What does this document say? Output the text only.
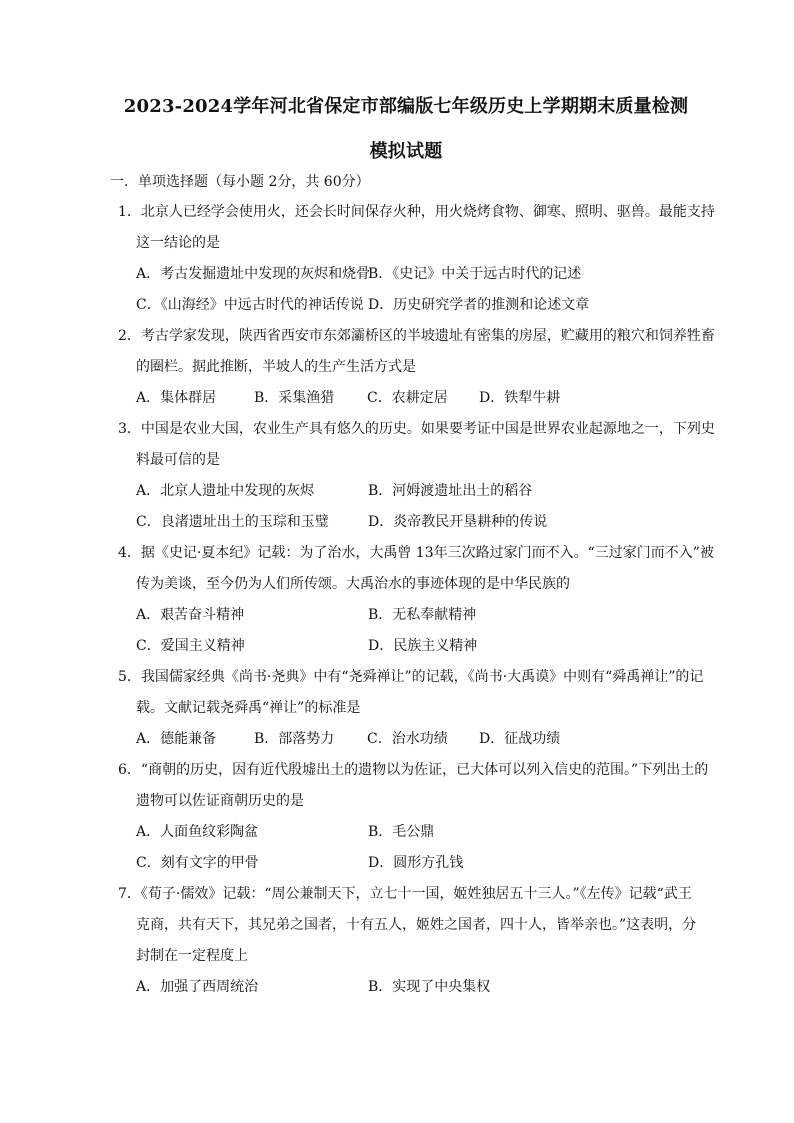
2023-2024学年河北省保定市部编版七年级历史上学期期末质量检测
模拟试题
一．单项选择题（每小题 2分，共 60分）
1．北京人已经学会使用火，还会长时间保存火种，用火烧烤食物、御寒、照明、驱兽。最能支持
这一结论的是
A．考古发掘遗址中发现的灰烬和烧骨
B．《史记》中关于远古时代的记述
C．《山海经》中远古时代的神话传说 D．历史研究学者的推测和论述文章
2．考古学家发现，陕西省西安市东郊灞桥区的半坡遗址有密集的房屋，贮藏用的粮穴和饲养牲畜
的圈栏。据此推断，半坡人的生产生活方式是
A．集体群居	B．采集渔猎	C．农耕定居	D．铁犁牛耕
3．中国是农业大国，农业生产具有悠久的历史。如果要考证中国是世界农业起源地之一，下列史
料最可信的是
A．北京人遗址中发现的灰烬	B．河姆渡遗址出土的稻谷
C．良渚遗址出土的玉琮和玉璧	D．炎帝教民开垦耕种的传说
4．据《史记·夏本纪》记载：为了治水，大禹曾 13年三次路过家门而不入。“三过家门而不入”被
传为美谈，至今仍为人们所传颂。大禹治水的事迹体现的是中华民族的
A．艰苦奋斗精神	B．无私奉献精神
C．爱国主义精神	D．民族主义精神
5．我国儒家经典《尚书·尧典》中有“尧舜禅让”的记载，《尚书·大禹谟》中则有“舜禹禅让”的记
载。文献记载尧舜禹“禅让”的标准是
A．德能兼备	B．部落势力	C．治水功绩	D．征战功绩
6．“商朝的历史，因有近代殷墟出土的遗物以为佐证，已大体可以列入信史的范围。”下列出土的
遗物可以佐证商朝历史的是
A．人面鱼纹彩陶盆	B．毛公鼎
C．刻有文字的甲骨	D．圆形方孔钱
7．《荀子·儒效》记载：“周公兼制天下，立七十一国，姬姓独居五十三人。”《左传》记载“武王
克商，共有天下，其兄弟之国者，十有五人，姬姓之国者，四十人，皆举亲也。”这表明，分
封制在一定程度上
A．加强了西周统治	B．实现了中央集权
